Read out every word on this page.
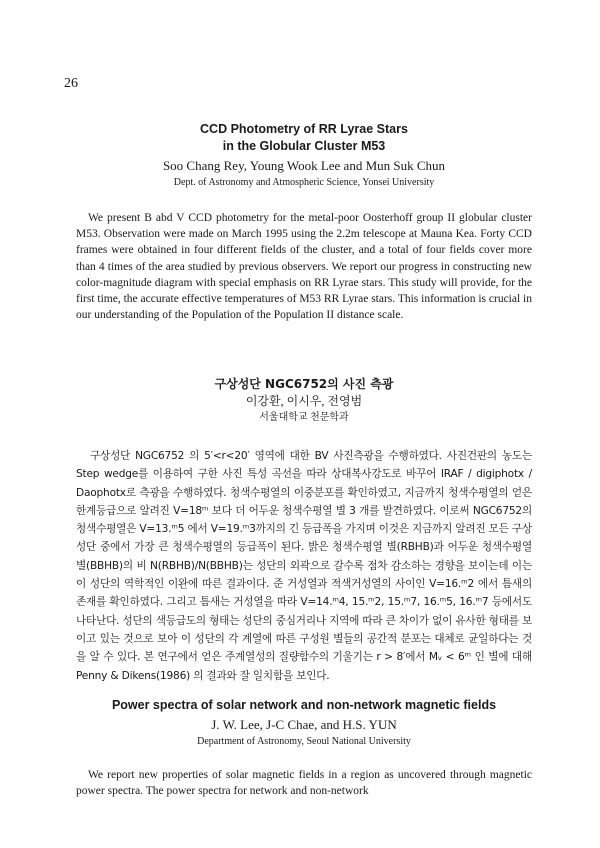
26
CCD Photometry of RR Lyrae Stars
in the Globular Cluster M53
Soo Chang Rey, Young Wook Lee and Mun Suk Chun
Dept. of Astronomy and Atmospheric Science, Yonsei University

We present B abd V CCD photometry for the metal-poor Oosterhoff group II globular cluster M53. Observation were made on March 1995 using the 2.2m telescope at Mauna Kea. Forty CCD frames were obtained in four different fields of the cluster, and a total of four fields cover more than 4 times of the area studied by previous observers. We report our progress in constructing new color-magnitude diagram with special emphasis on RR Lyrae stars. This study will provide, for the first time, the accurate effective temperatures of M53 RR Lyrae stars. This information is crucial in our understanding of the Population of the Population II distance scale.

구상성단 NGC6752의 사진 측광
이강환, 이시우, 전영범
서울대학교 천문학과

구상성단 NGC6752 의 5′<r<20′ 영역에 대한 BV 사진측광을 수행하였다. 사진건판의 농도는 Step wedge를 이용하여 구한 사진 특성 곡선을 따라 상대복사강도로 바꾸어 IRAF / digiphotx / Daophotx로 측광을 수행하였다. 청색수평열의 이중분포를 확인하였고, 지금까지 청색수평열의 얻은 한계등급으로 알려진 V=18ᵐ 보다 더 어두운 청색수평열 별 3 개를 발견하였다. 이로써 NGC6752의 청색수평열은 V=13.ᵐ5 에서 V=19.ᵐ3까지의 긴 등급폭을 가지며 이것은 지금까지 알려진 모든 구상성단 중에서 가장 큰 청색수평열의 등급폭이 된다. 밝은 청색수평열 별(RBHB)과 어두운 청색수평열 별(BBHB)의 비 N(RBHB)/N(BBHB)는 성단의 외곽으로 갈수록 점차 감소하는 경향을 보이는데 이는 이 성단의 역학적인 이완에 따른 결과이다. 준 거성열과 적색거성열의 사이인 V=16.ᵐ2 에서 틈새의 존재를 확인하였다. 그리고 틈새는 거성열을 따라 V=14.ᵐ4, 15.ᵐ2, 15.ᵐ7, 16.ᵐ5, 16.ᵐ7 등에서도 나타난다. 성단의 색등급도의 형태는 성단의 중심거리나 지역에 따라 큰 차이가 없이 유사한 형태를 보이고 있는 것으로 보아 이 성단의 각 계열에 따른 구성원 별들의 공간적 분포는 대체로 균일하다는 것을 알 수 있다. 본 연구에서 얻은 주계열성의 질량함수의 기울기는 r > 8′에서 Mᵥ < 6ᵐ 인 별에 대해 Penny & Dikens(1986) 의 결과와 잘 일치함을 보인다.

Power spectra of solar network and non-network magnetic fields
J. W. Lee, J-C Chae, and H.S. YUN
Department of Astronomy, Seoul National University

We report new properties of solar magnetic fields in a region as uncovered through magnetic power spectra. The power spectra for network and non-network
